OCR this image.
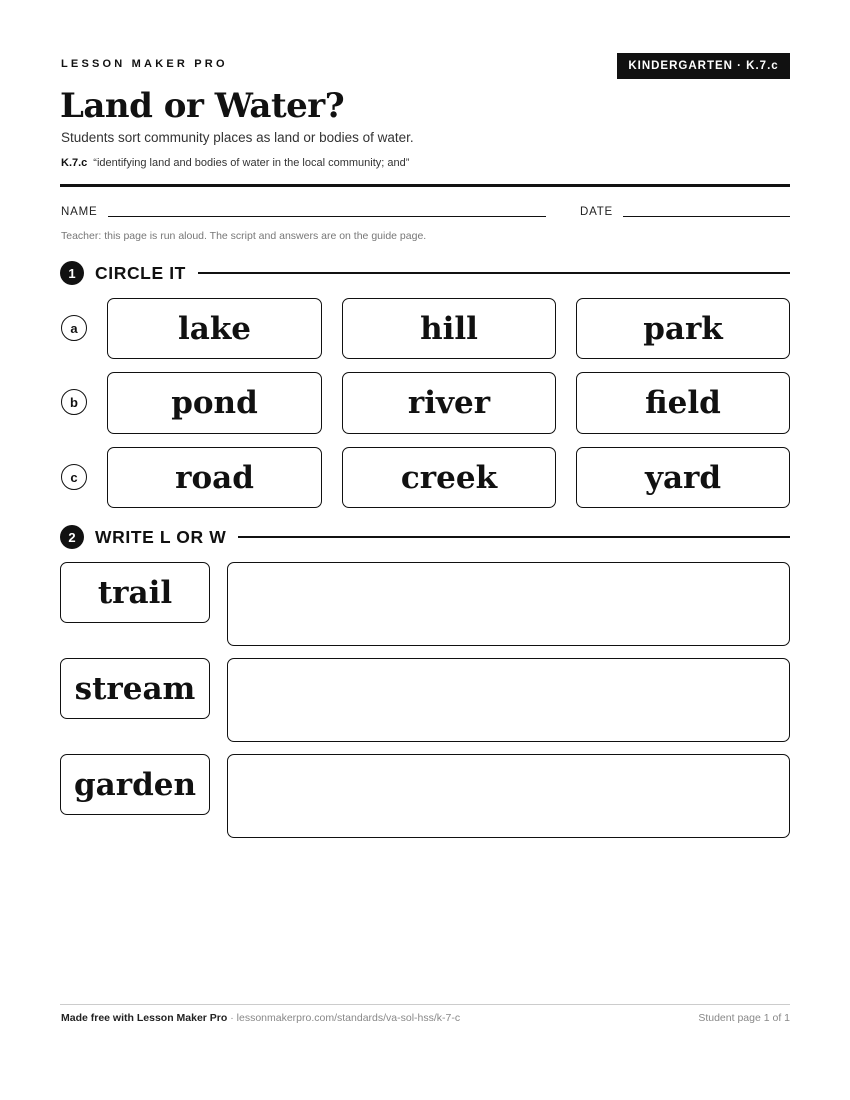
LESSON MAKER PRO	KINDERGARTEN · K.7.c
Land or Water?
Students sort community places as land or bodies of water.
K.7.c “identifying land and bodies of water in the local community; and”
NAME	DATE
Teacher: this page is run aloud. The script and answers are on the guide page.
1	CIRCLE IT
a	lake	hill	park
b	pond	river	field
c	road	creek	yard
2	WRITE L OR W
trail
stream
garden
Made free with Lesson Maker Pro · lessonmakerpro.com/standards/va-sol-hss/k-7-c	Student page 1 of 1
